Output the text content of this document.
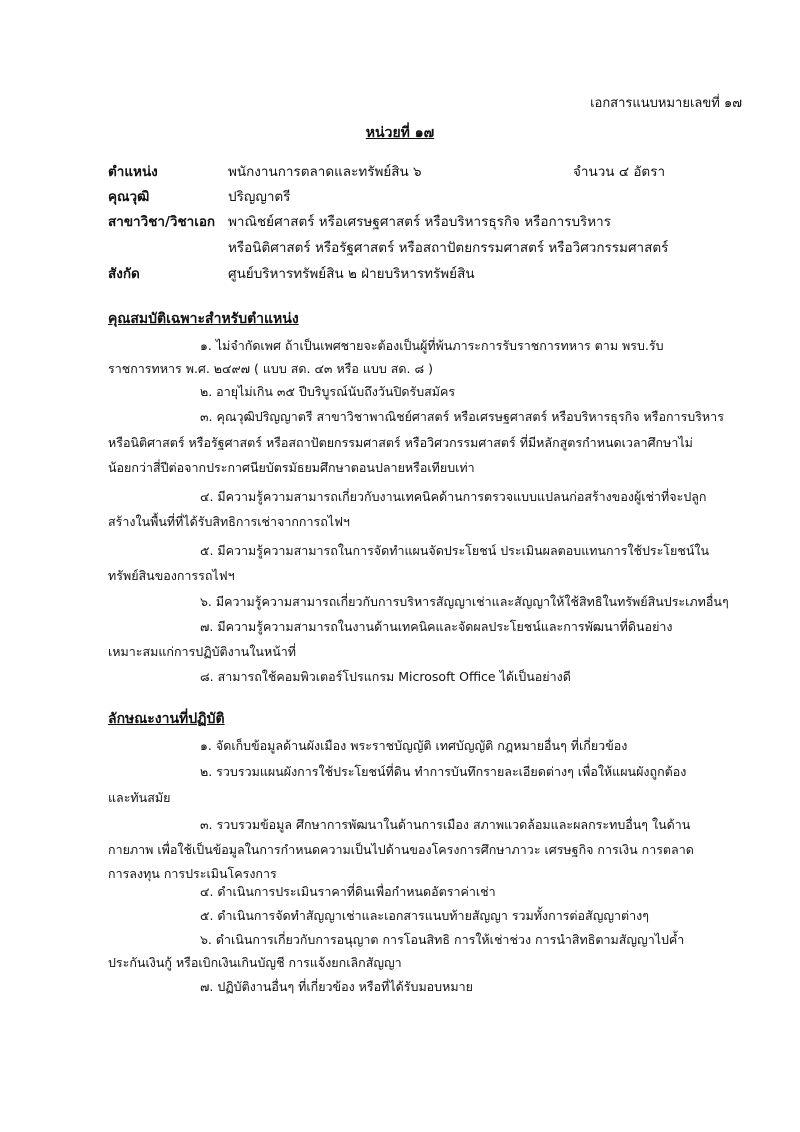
เอกสารแนบหมายเลขที่ ๑๗
หน่วยที่ ๑๗
ตำแหน่ง	พนักงานการตลาดและทรัพย์สิน ๖	จำนวน ๔ อัตรา
คุณวุฒิ	ปริญญาตรี
สาขาวิชา/วิชาเอก พาณิชย์ศาสตร์ หรือเศรษฐศาสตร์ หรือบริหารธุรกิจ หรือการบริหาร
หรือนิติศาสตร์ หรือรัฐศาสตร์ หรือสถาปัตยกรรมศาสตร์ หรือวิศวกรรมศาสตร์
สังกัด	ศูนย์บริหารทรัพย์สิน ๒ ฝ่ายบริหารทรัพย์สิน
คุณสมบัติเฉพาะสำหรับตำแหน่ง
๑. ไม่จำกัดเพศ ถ้าเป็นเพศชายจะต้องเป็นผู้ที่พ้นภาระการรับราชการทหาร ตาม พรบ.รับ
ราชการทหาร พ.ศ. ๒๔๙๗ ( แบบ สด. ๔๓ หรือ แบบ สด. ๘ )
๒. อายุไม่เกิน ๓๕ ปีบริบูรณ์นับถึงวันปิดรับสมัคร
๓. คุณวุฒิปริญญาตรี สาขาวิชาพาณิชย์ศาสตร์ หรือเศรษฐศาสตร์ หรือบริหารธุรกิจ หรือการบริหาร
หรือนิติศาสตร์ หรือรัฐศาสตร์ หรือสถาปัตยกรรมศาสตร์ หรือวิศวกรรมศาสตร์ ที่มีหลักสูตรกำหนดเวลาศึกษาไม่
น้อยกว่าสี่ปีต่อจากประกาศนียบัตรมัธยมศึกษาตอนปลายหรือเทียบเท่า
๔. มีความรู้ความสามารถเกี่ยวกับงานเทคนิคด้านการตรวจแบบแปลนก่อสร้างของผู้เช่าที่จะปลูก
สร้างในพื้นที่ที่ได้รับสิทธิการเช่าจากการถไฟฯ
๕. มีความรู้ความสามารถในการจัดทำแผนจัดประโยชน์ ประเมินผลตอบแทนการใช้ประโยชน์ใน
ทรัพย์สินของการรถไฟฯ
๖. มีความรู้ความสามารถเกี่ยวกับการบริหารสัญญาเช่าและสัญญาให้ใช้สิทธิในทรัพย์สินประเภทอื่นๆ
๗. มีความรู้ความสามารถในงานด้านเทคนิคและจัดผลประโยชน์และการพัฒนาที่ดินอย่าง
เหมาะสมแก่การปฏิบัติงานในหน้าที่
๘. สามารถใช้คอมพิวเตอร์โปรแกรม Microsoft Office ได้เป็นอย่างดี
ลักษณะงานที่ปฏิบัติ
๑. จัดเก็บข้อมูลด้านผังเมือง พระราชบัญญัติ เทศบัญญัติ กฎหมายอื่นๆ ที่เกี่ยวข้อง
๒. รวบรวมแผนผังการใช้ประโยชน์ที่ดิน ทำการบันทึกรายละเอียดต่างๆ เพื่อให้แผนผังถูกต้อง
และทันสมัย
๓. รวบรวมข้อมูล ศึกษาการพัฒนาในด้านการเมือง สภาพแวดล้อมและผลกระทบอื่นๆ ในด้าน
กายภาพ เพื่อใช้เป็นข้อมูลในการกำหนดความเป็นไปด้านของโครงการศึกษาภาวะ เศรษฐกิจ การเงิน การตลาด
การลงทุน การประเมินโครงการ
๔. ดำเนินการประเมินราคาที่ดินเพื่อกำหนดอัตราค่าเช่า
๕. ดำเนินการจัดทำสัญญาเช่าและเอกสารแนบท้ายสัญญา รวมทั้งการต่อสัญญาต่างๆ
๖. ดำเนินการเกี่ยวกับการอนุญาต การโอนสิทธิ การให้เช่าช่วง การนำสิทธิตามสัญญาไปค้ำ
ประกันเงินกู้ หรือเบิกเงินเกินบัญชี การแจ้งยกเลิกสัญญา
๗. ปฏิบัติงานอื่นๆ ที่เกี่ยวข้อง หรือที่ได้รับมอบหมาย
